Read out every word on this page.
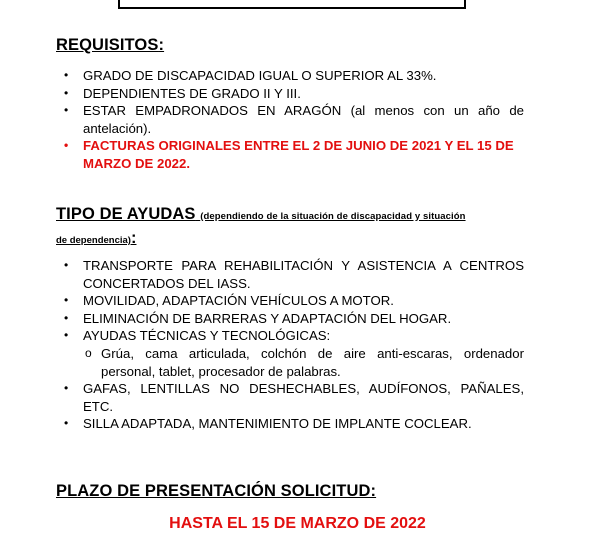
REQUISITOS:
• GRADO DE DISCAPACIDAD IGUAL O SUPERIOR AL 33%.
• DEPENDIENTES DE GRADO II Y III.
• ESTAR EMPADRONADOS EN ARAGÓN (al menos con un año de antelación).
• FACTURAS ORIGINALES ENTRE EL 2 DE JUNIO DE 2021 Y EL 15 DE MARZO DE 2022.
TIPO DE AYUDAS (dependiendo de la situación de discapacidad y situación
de dependencia):
• TRANSPORTE PARA REHABILITACIÓN Y ASISTENCIA A CENTROS CONCERTADOS DEL IASS.
• MOVILIDAD, ADAPTACIÓN VEHÍCULOS A MOTOR.
• ELIMINACIÓN DE BARRERAS Y ADAPTACIÓN DEL HOGAR.
• AYUDAS TÉCNICAS Y TECNOLÓGICAS:
o Grúa, cama articulada, colchón de aire anti-escaras, ordenador personal, tablet, procesador de palabras.
• GAFAS, LENTILLAS NO DESHECHABLES, AUDÍFONOS, PAÑALES, ETC.
• SILLA ADAPTADA, MANTENIMIENTO DE IMPLANTE COCLEAR.
PLAZO DE PRESENTACIÓN SOLICITUD:
HASTA EL 15 DE MARZO DE 2022
